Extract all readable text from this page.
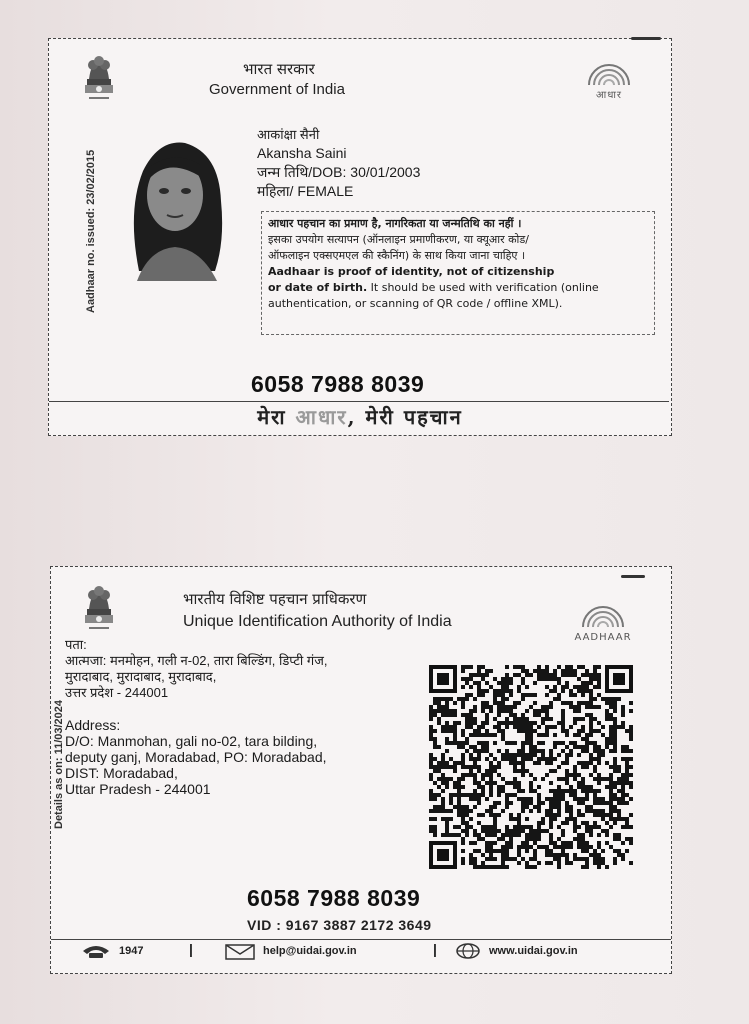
भारत सरकार
Government of India	आधार
Aadhaar no. issued: 23/02/2015
आकांक्षा सैनी
Akansha Saini
जन्म तिथि/DOB: 30/01/2003
महिला/ FEMALE
आधार पहचान का प्रमाण है, नागरिकता या जन्मतिथि का नहीं ।
इसका उपयोग सत्यापन (ऑनलाइन प्रमाणीकरण, या क्यूआर कोड/
ऑफलाइन एक्सएमएल की स्कैनिंग) के साथ किया जाना चाहिए ।
Aadhaar is proof of identity, not of citizenship
or date of birth. It should be used with verification (online
authentication, or scanning of QR code / offline XML).
6058 7988 8039
मेरा आधार, मेरी पहचान
भारतीय विशिष्ट पहचान प्राधिकरण
Unique Identification Authority of India
AADHAAR
Details as on: 11/03/2024
पता:
आत्मजा: मनमोहन, गली न-02, तारा बिल्डिंग, डिप्टी गंज,
मुरादाबाद, मुरादाबाद, मुरादाबाद,
उत्तर प्रदेश - 244001
Address:
D/O: Manmohan, gali no-02, tara bilding,
deputy ganj, Moradabad, PO: Moradabad,
DIST: Moradabad,
Uttar Pradesh - 244001
6058 7988 8039
VID : 9167 3887 2172 3649
1947	|	help@uidai.gov.in	|	www.uidai.gov.in
